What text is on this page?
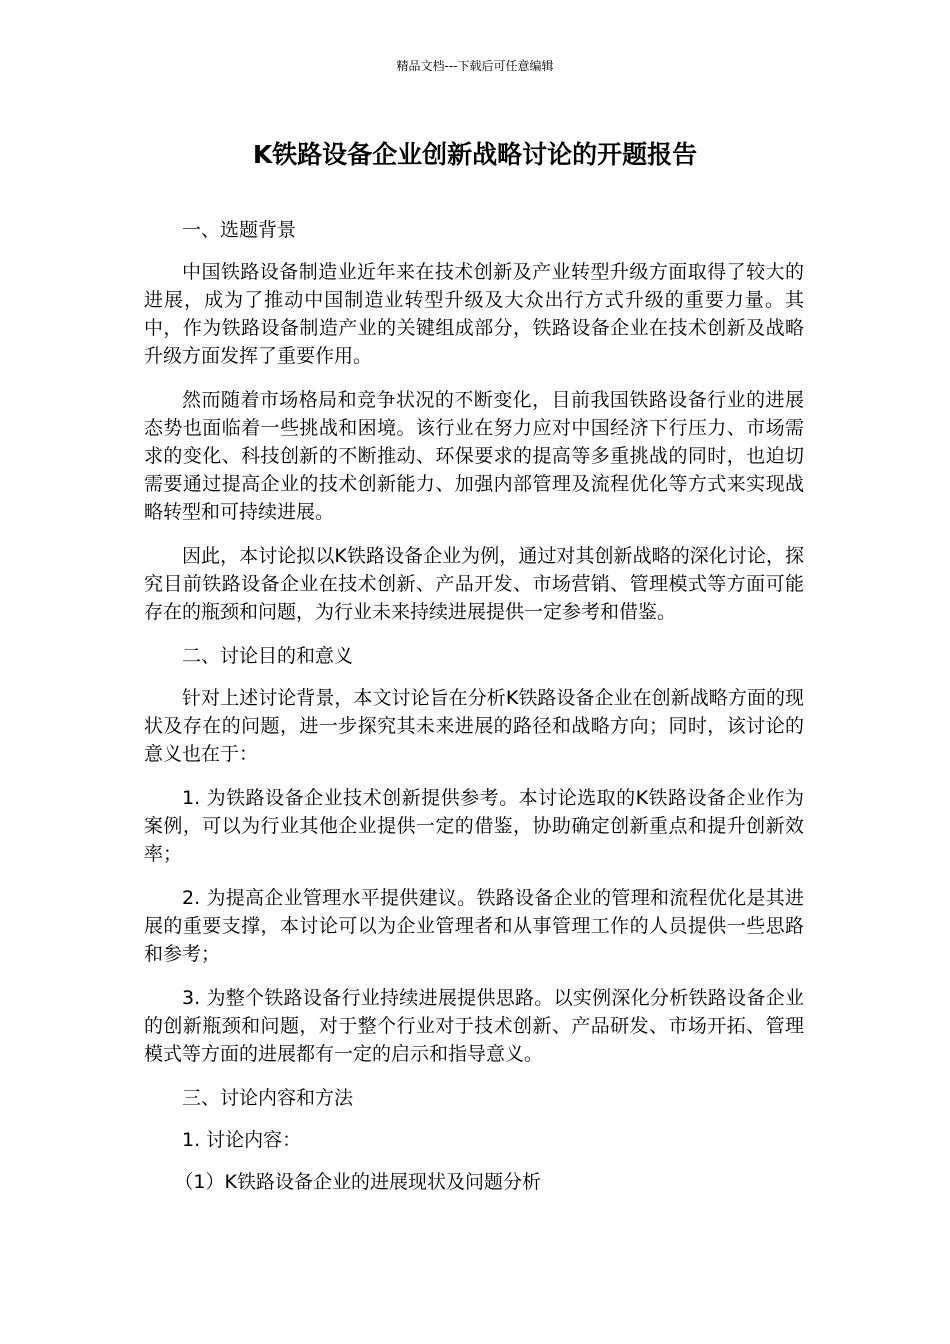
精品文档---下载后可任意编辑
K铁路设备企业创新战略讨论的开题报告

一、选题背景

中国铁路设备制造业近年来在技术创新及产业转型升级方面取得了较大的进展，成为了推动中国制造业转型升级及大众出行方式升级的重要力量。其中，作为铁路设备制造产业的关键组成部分，铁路设备企业在技术创新及战略升级方面发挥了重要作用。

然而随着市场格局和竞争状况的不断变化，目前我国铁路设备行业的进展态势也面临着一些挑战和困境。该行业在努力应对中国经济下行压力、市场需求的变化、科技创新的不断推动、环保要求的提高等多重挑战的同时，也迫切需要通过提高企业的技术创新能力、加强内部管理及流程优化等方式来实现战略转型和可持续进展。

因此，本讨论拟以K铁路设备企业为例，通过对其创新战略的深化讨论，探究目前铁路设备企业在技术创新、产品开发、市场营销、管理模式等方面可能存在的瓶颈和问题，为行业未来持续进展提供一定参考和借鉴。

二、讨论目的和意义

针对上述讨论背景，本文讨论旨在分析K铁路设备企业在创新战略方面的现状及存在的问题，进一步探究其未来进展的路径和战略方向；同时，该讨论的意义也在于：

1. 为铁路设备企业技术创新提供参考。本讨论选取的K铁路设备企业作为案例，可以为行业其他企业提供一定的借鉴，协助确定创新重点和提升创新效率；

2. 为提高企业管理水平提供建议。铁路设备企业的管理和流程优化是其进展的重要支撑，本讨论可以为企业管理者和从事管理工作的人员提供一些思路和参考；

3. 为整个铁路设备行业持续进展提供思路。以实例深化分析铁路设备企业的创新瓶颈和问题，对于整个行业对于技术创新、产品研发、市场开拓、管理模式等方面的进展都有一定的启示和指导意义。

三、讨论内容和方法

1. 讨论内容：

（1）K铁路设备企业的进展现状及问题分析
